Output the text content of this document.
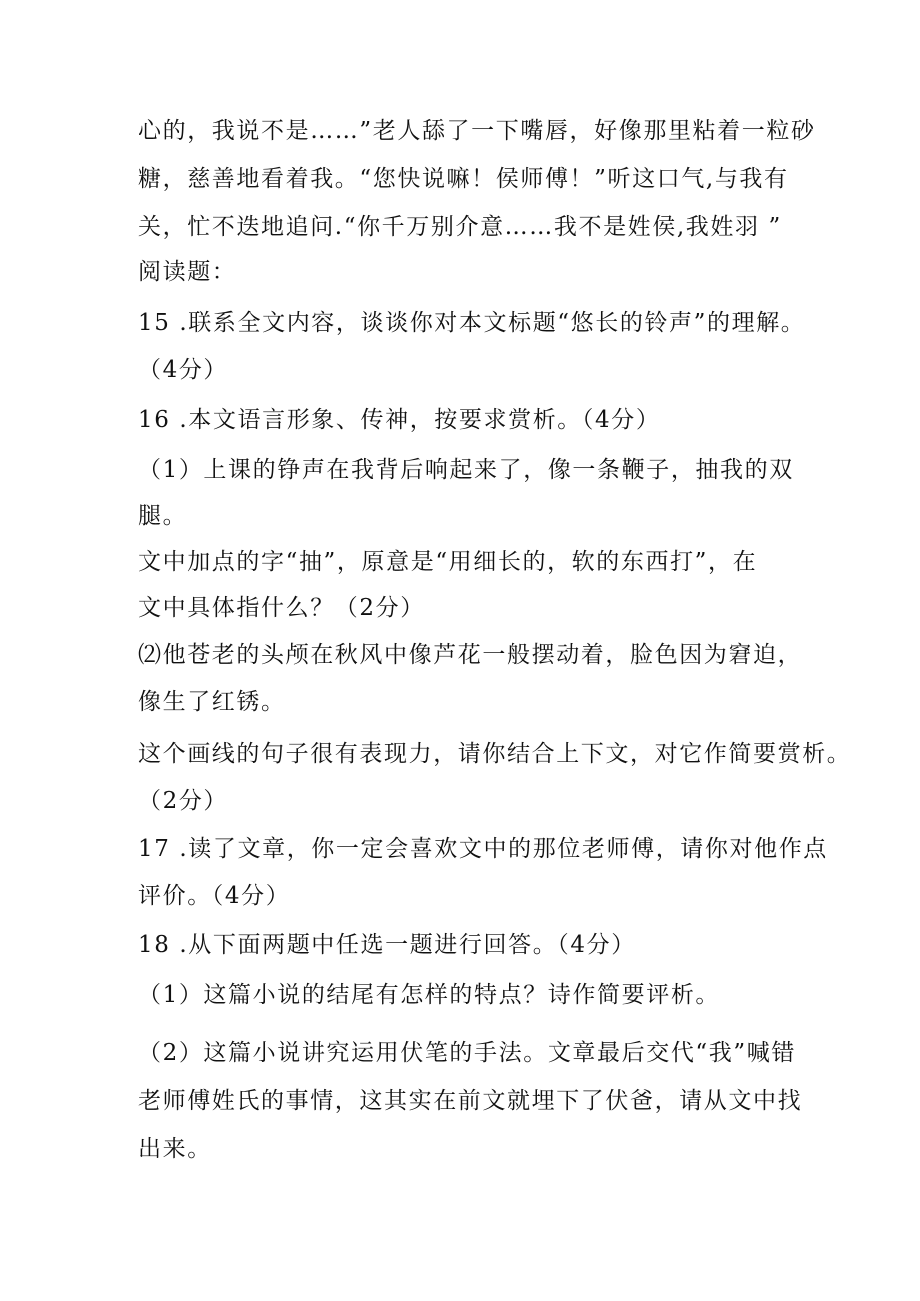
心的，我说不是……”老人舔了一下嘴唇，好像那里粘着一粒砂
糖，慈善地看着我。“您快说嘛！侯师傅！”听这口气,与我有
关，忙不迭地追问.“你千万别介意……我不是姓侯,我姓羽 ”
阅读题：
15 .联系全文内容，谈谈你对本文标题“悠长的铃声”的理解。
（4分）
16 .本文语言形象、传神，按要求赏析。（4分）
（1）上课的铮声在我背后响起来了，像一条鞭子，抽我的双
腿。
文中加点的字“抽”，原意是“用细长的，软的东西打”，在
文中具体指什么？（2分）
⑵他苍老的头颅在秋风中像芦花一般摆动着，脸色因为窘迫，
像生了红锈。
这个画线的句子很有表现力，请你结合上下文，对它作简要赏析。
（2分）
17 .读了文章，你一定会喜欢文中的那位老师傅，请你对他作点
评价。（4分）
18 .从下面两题中任选一题进行回答。（4分）
（1）这篇小说的结尾有怎样的特点？诗作简要评析。
（2）这篇小说讲究运用伏笔的手法。文章最后交代“我”喊错
老师傅姓氏的事情，这其实在前文就埋下了伏爸，请从文中找
出来。
